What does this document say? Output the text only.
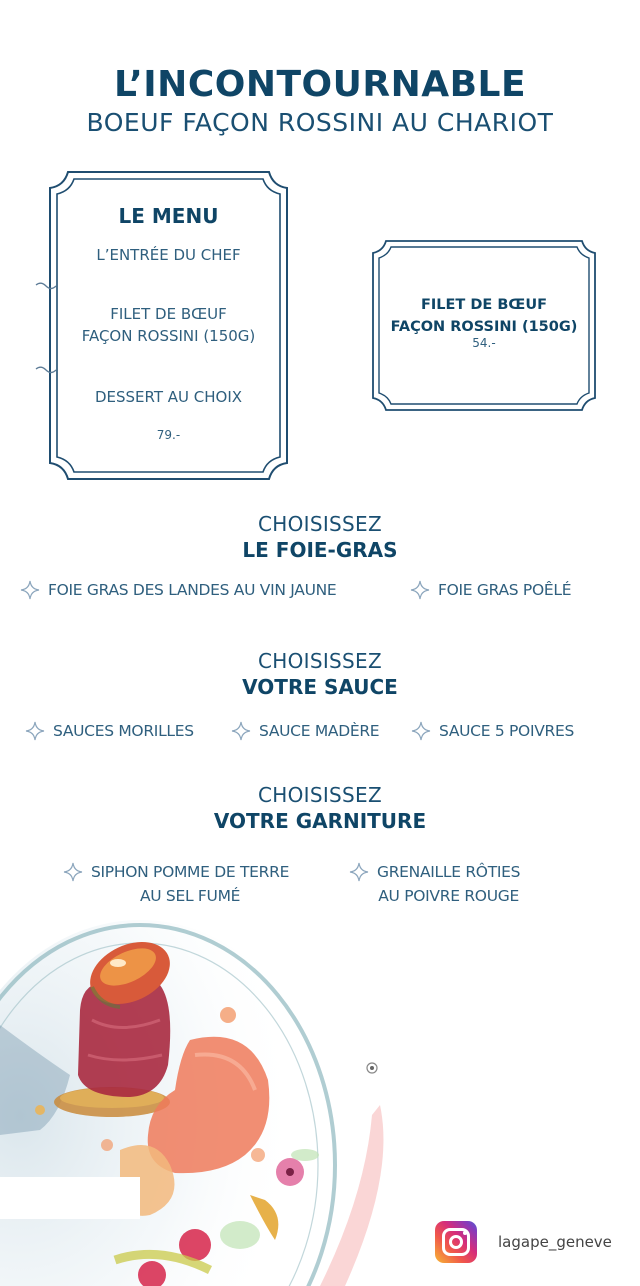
L’INCONTOURNABLE
BOEUF FAÇON ROSSINI AU CHARIOT
LE MENU
L’ENTRÉE DU CHEF
FILET DE BŒUF
FAÇON ROSSINI (150G)
DESSERT AU CHOIX
79.-
FILET DE BŒUF
FAÇON ROSSINI (150G)
54.-
CHOISISSEZ
LE FOIE-GRAS
FOIE GRAS DES LANDES AU VIN JAUNE	FOIE GRAS POÊLÉ
CHOISISSEZ
VOTRE SAUCE
SAUCES MORILLES	SAUCE MADÈRE	SAUCE 5 POIVRES
CHOISISSEZ
VOTRE GARNITURE
SIPHON POMME DE TERRE
AU SEL FUMÉ
GRENAILLE RÔTIES
AU POIVRE ROUGE
lagape_geneve
